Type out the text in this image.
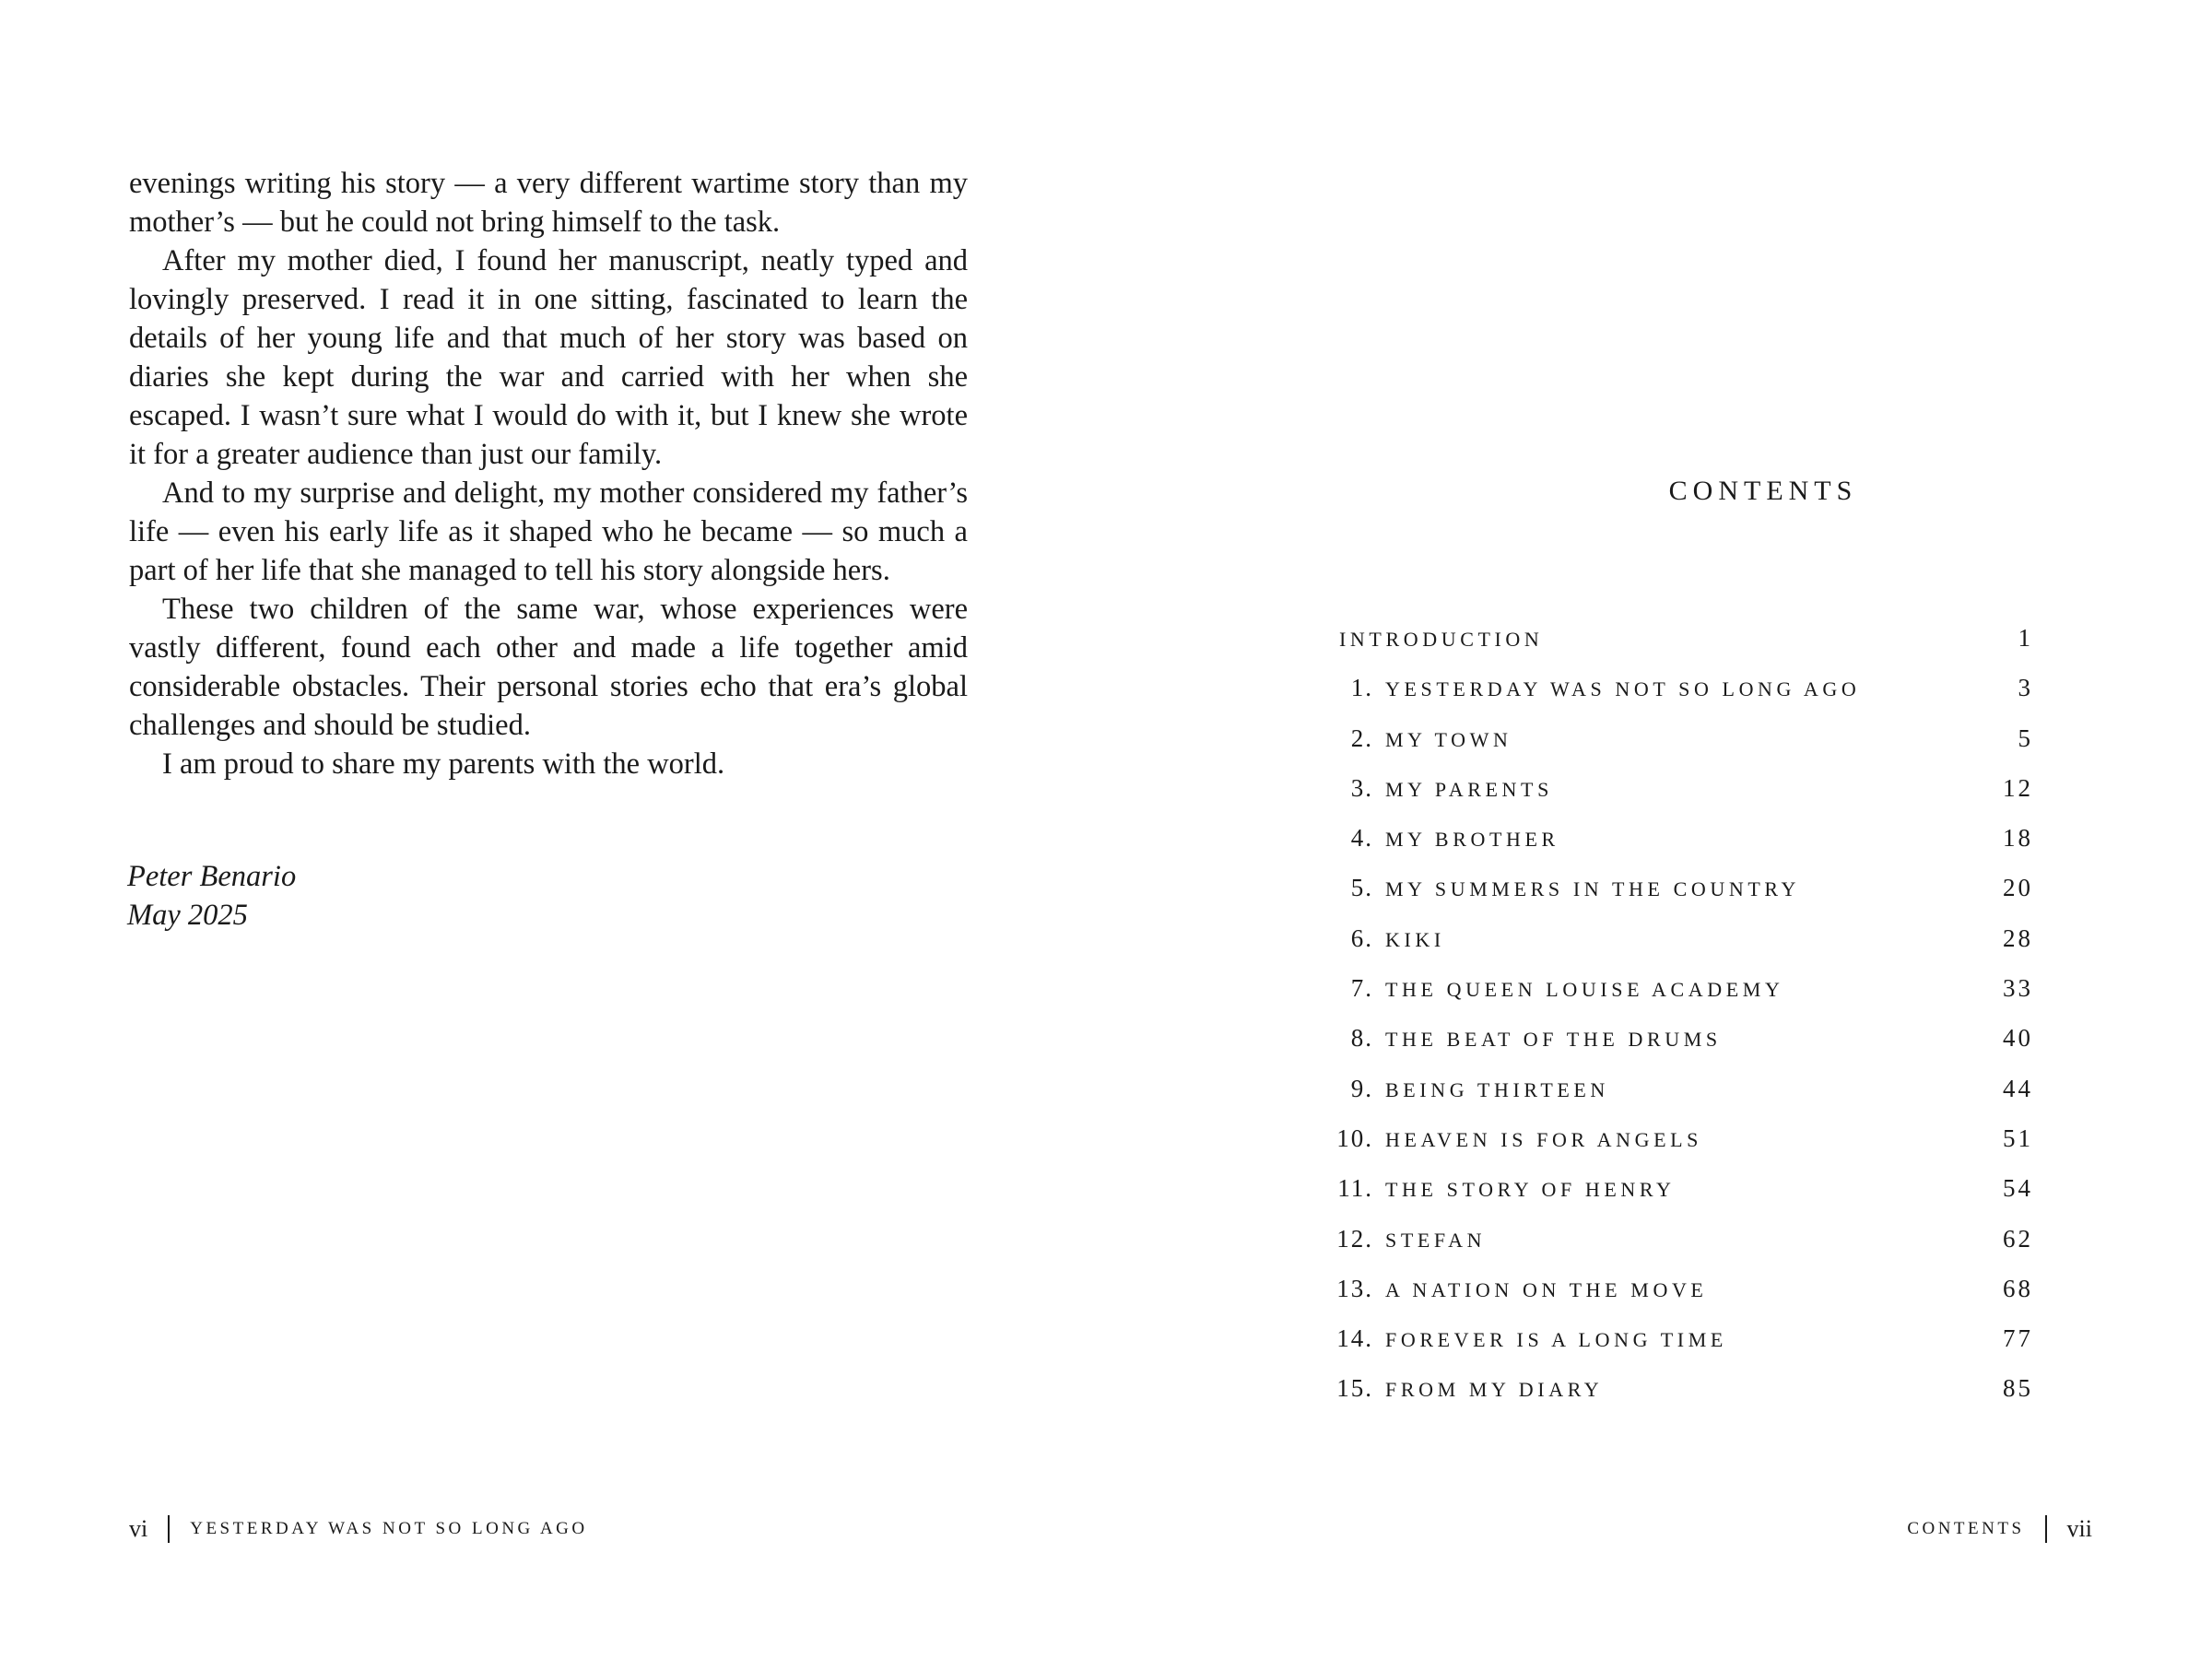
evenings writing his story — a very different wartime story than my mother’s — but he could not bring himself to the task.

After my mother died, I found her manuscript, neatly typed and lovingly preserved. I read it in one sitting, fascinated to learn the details of her young life and that much of her story was based on diaries she kept during the war and carried with her when she escaped. I wasn’t sure what I would do with it, but I knew she wrote it for a greater audience than just our family.

And to my surprise and delight, my mother considered my father’s life — even his early life as it shaped who he became — so much a part of her life that she managed to tell his story alongside hers.

These two children of the same war, whose experiences were vastly different, found each other and made a life together amid considerable obstacles. Their personal stories echo that era’s global challenges and should be studied.

I am proud to share my parents with the world.

Peter Benario
May 2025
vi YESTERDAY WAS NOT SO LONG AGO
CONTENTS
INTRODUCTION	1
1. YESTERDAY WAS NOT SO LONG AGO	3
2. MY TOWN	5
3. MY PARENTS	12
4. MY BROTHER	18
5. MY SUMMERS IN THE COUNTRY	20
6. KIKI	28
7. THE QUEEN LOUISE ACADEMY	33
8. THE BEAT OF THE DRUMS	40
9. BEING THIRTEEN	44
10. HEAVEN IS FOR ANGELS	51
11. THE STORY OF HENRY	54
12. STEFAN	62
13. A NATION ON THE MOVE	68
14. FOREVER IS A LONG TIME	77
15. FROM MY DIARY	85
CONTENTS vii
